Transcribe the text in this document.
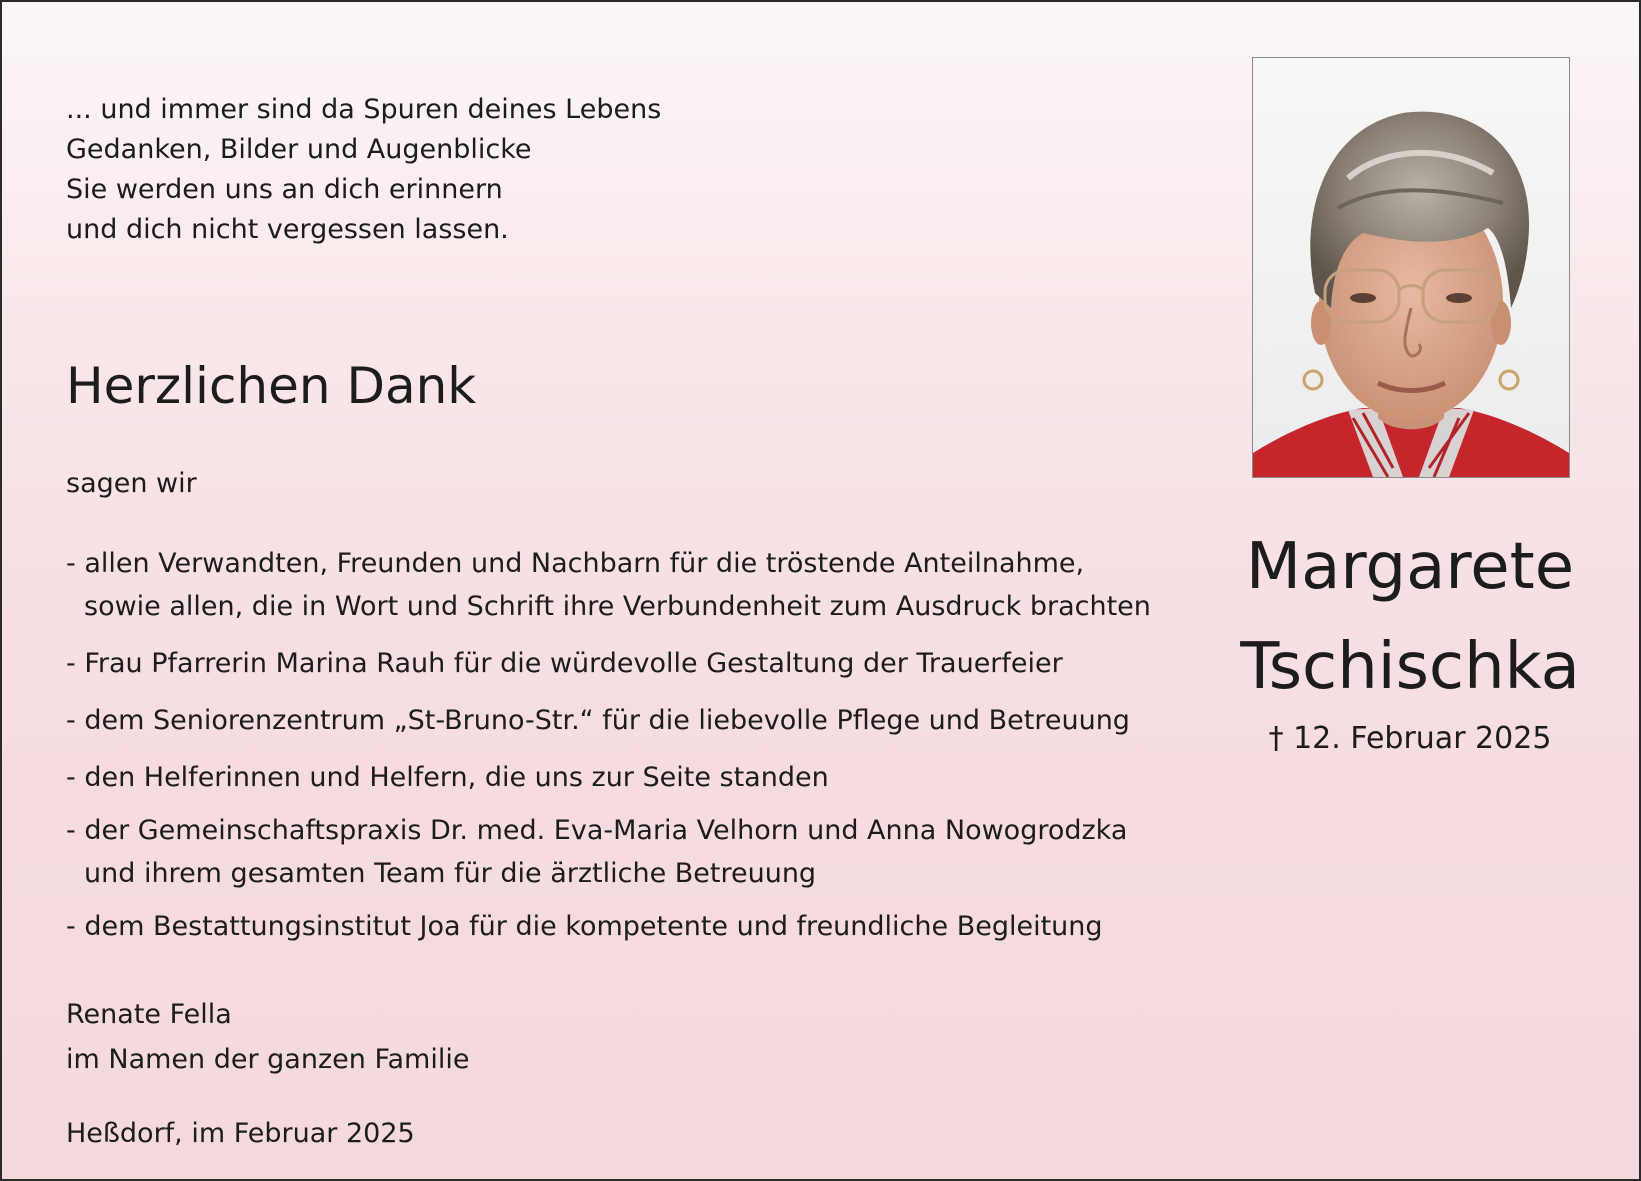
... und immer sind da Spuren deines Lebens
Gedanken, Bilder und Augenblicke
Sie werden uns an dich erinnern
und dich nicht vergessen lassen.
Herzlichen Dank
sagen wir
- allen Verwandten, Freunden und Nachbarn für die tröstende Anteilnahme,
sowie allen, die in Wort und Schrift ihre Verbundenheit zum Ausdruck brachten
- Frau Pfarrerin Marina Rauh für die würdevolle Gestaltung der Trauerfeier
- dem Seniorenzentrum „St-Bruno-Str.“ für die liebevolle Pflege und Betreuung
- den Helferinnen und Helfern, die uns zur Seite standen
- der Gemeinschaftspraxis Dr. med. Eva-Maria Velhorn und Anna Nowogrodzka
und ihrem gesamten Team für die ärztliche Betreuung
- dem Bestattungsinstitut Joa für die kompetente und freundliche Begleitung
Renate Fella
im Namen der ganzen Familie
Heßdorf, im Februar 2025
Margarete
Tschischka
† 12. Februar 2025
